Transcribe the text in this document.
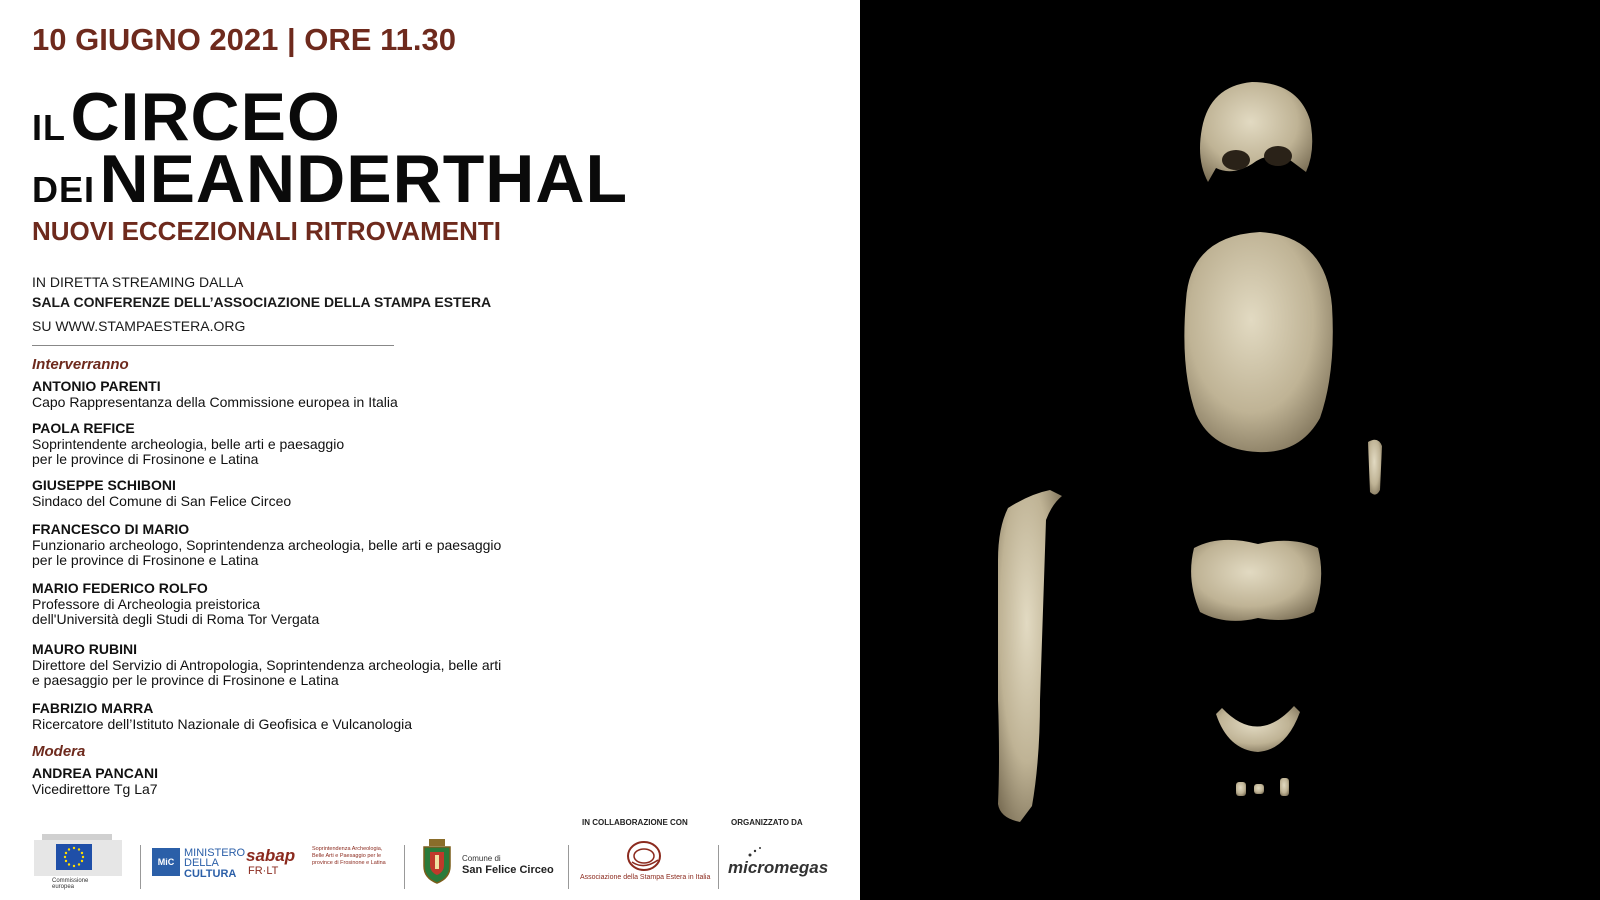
10 GIUGNO 2021 | ORE 11.30
IL CIRCEO
DEI NEANDERTHAL
NUOVI ECCEZIONALI RITROVAMENTI
IN DIRETTA STREAMING DALLA
SALA CONFERENZE DELL’ASSOCIAZIONE DELLA STAMPA ESTERA
SU WWW.STAMPAESTERA.ORG
Interverranno
ANTONIO PARENTI
Capo Rappresentanza della Commissione europea in Italia
PAOLA REFICE
Soprintendente archeologia, belle arti e paesaggio
per le province di Frosinone e Latina
GIUSEPPE SCHIBONI
Sindaco del Comune di San Felice Circeo
FRANCESCO DI MARIO
Funzionario archeologo, Soprintendenza archeologia, belle arti e paesaggio
per le province di Frosinone e Latina
MARIO FEDERICO ROLFO
Professore di Archeologia preistorica
dell'Università degli Studi di Roma Tor Vergata
MAURO RUBINI
Direttore del Servizio di Antropologia, Soprintendenza archeologia, belle arti
e paesaggio per le province di Frosinone e Latina
FABRIZIO MARRA
Ricercatore dell’Istituto Nazionale di Geofisica e Vulcanologia
Modera
ANDREA PANCANI
Vicedirettore Tg La7
IN COLLABORAZIONE CON	ORGANIZZATO DA
Commissione europea
MiC
MINISTERO
DELLA
CULTURA
sabap
FR·LT
Soprintendenza Archeologia, Belle Arti e Paesaggio per le province di Frosinone e Latina	Comune di
San Felice Circeo
Associazione della Stampa Estera in Italia
micromegas
